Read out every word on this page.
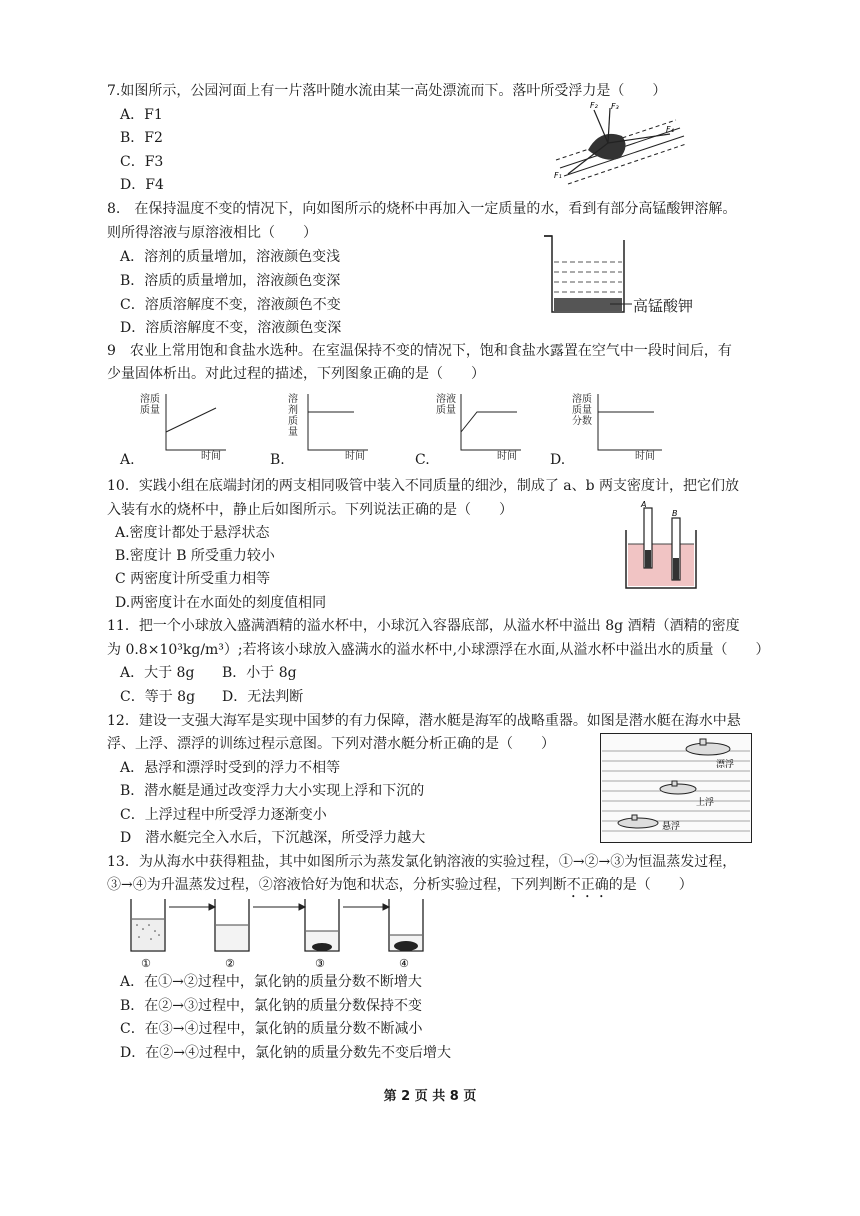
7.如图所示，公园河面上有一片落叶随水流由某一高处漂流而下。落叶所受浮力是（　　）
A．F1
B．F2
C．F3
D．F4
F₂ F₃
F₄
F₁
8.　在保持温度不变的情况下，向如图所示的烧杯中再加入一定质量的水，看到有部分高锰酸钾溶解。
则所得溶液与原溶液相比（　　）
A．溶剂的质量增加，溶液颜色变浅
B．溶质的质量增加，溶液颜色变深
C．溶质溶解度不变，溶液颜色不变
D．溶质溶解度不变，溶液颜色变深
高锰酸钾
9　农业上常用饱和食盐水选种。在室温保持不变的情况下，饱和食盐水露置在空气中一段时间后，有
少量固体析出。对此过程的描述，下列图象正确的是（　　）
溶质质量
时间
A.
溶剂质量
时间
B.
溶液质量
时间
C.
溶质质量分数
时间
D.
10．实践小组在底端封闭的两支相同吸管中装入不同质量的细沙，制成了 a、b 两支密度计，把它们放
入装有水的烧杯中，静止后如图所示。下列说法正确的是（　　）
A.密度计都处于悬浮状态
B.密度计 B 所受重力较小
C 两密度计所受重力相等
D.两密度计在水面处的刻度值相同
A
B
11．把一个小球放入盛满酒精的溢水杯中，小球沉入容器底部，从溢水杯中溢出 8g 酒精（酒精的密度
为 0.8×10³kg/m³）;若将该小球放入盛满水的溢水杯中,小球漂浮在水面,从溢水杯中溢出水的质量（　　）
A．大于 8g B．小于 8g
C．等于 8g D．无法判断
12．建设一支强大海军是实现中国梦的有力保障，潜水艇是海军的战略重器。如图是潜水艇在海水中悬
浮、上浮、漂浮的训练过程示意图。下列对潜水艇分析正确的是（　　）
A．悬浮和漂浮时受到的浮力不相等
B．潜水艇是通过改变浮力大小实现上浮和下沉的
C．上浮过程中所受浮力逐渐变小
D　潜水艇完全入水后，下沉越深，所受浮力越大
漂浮
上浮
悬浮
13．为从海水中获得粗盐，其中如图所示为蒸发氯化钠溶液的实验过程，①→②→③为恒温蒸发过程，
③→④为升温蒸发过程，②溶液恰好为饱和状态，分析实验过程，下列判断不正确的是（　　）
①	②	③	④
A．在①→②过程中，氯化钠的质量分数不断增大
B．在②→③过程中，氯化钠的质量分数保持不变
C．在③→④过程中，氯化钠的质量分数不断减小
D．在②→④过程中，氯化钠的质量分数先不变后增大
第 2 页 共 8 页
